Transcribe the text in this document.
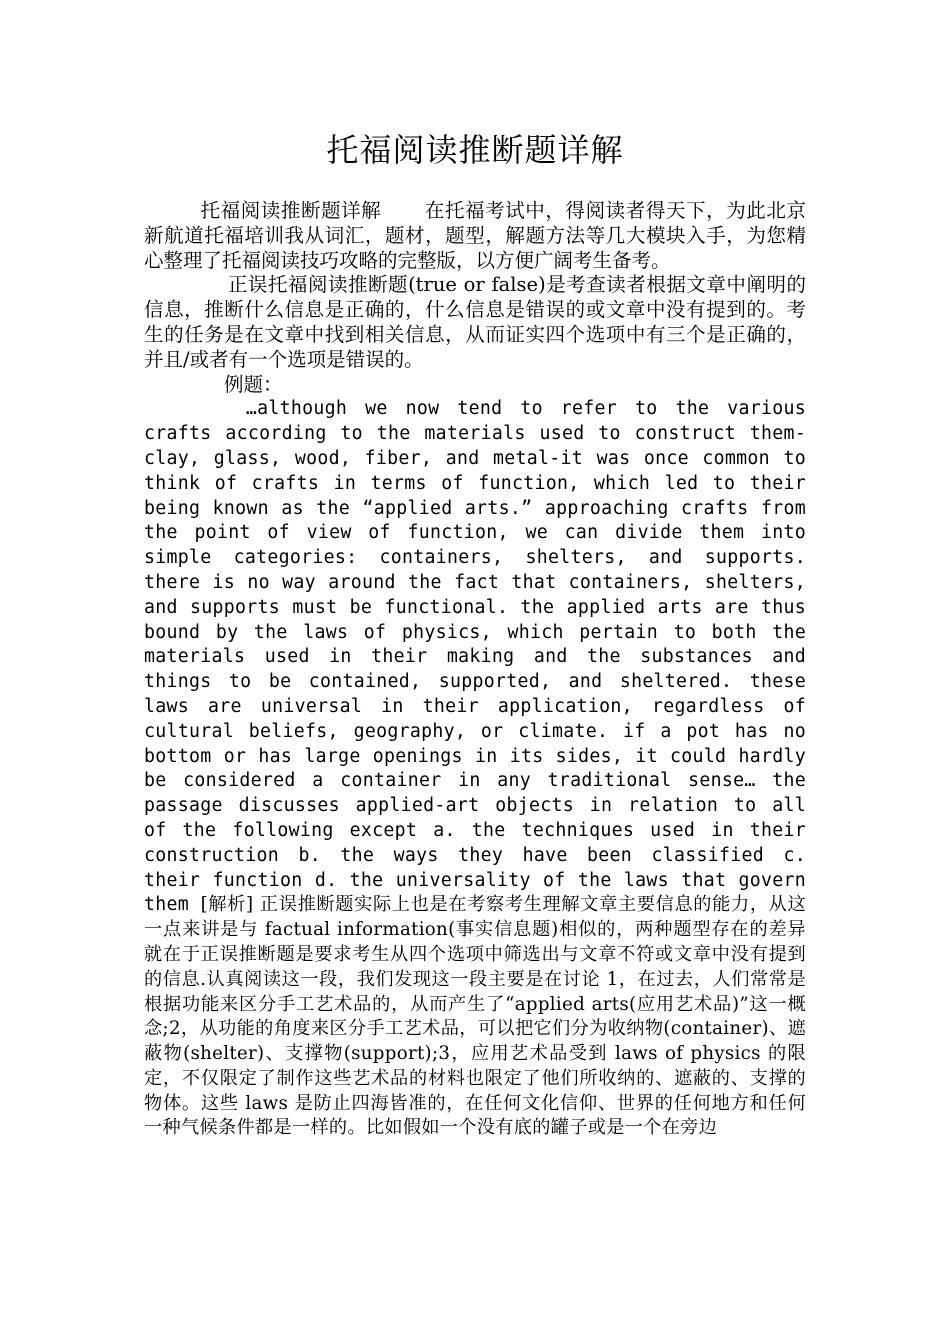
托福阅读推断题详解

托福阅读推断题详解 在托福考试中，得阅读者得天下，为此北京新航道托福培训我从词汇，题材，题型，解题方法等几大模块入手，为您精心整理了托福阅读技巧攻略的完整版，以方便广阔考生备考。

正误托福阅读推断题(true or false)是考查读者根据文章中阐明的信息，推断什么信息是正确的，什么信息是错误的或文章中没有提到的。考生的任务是在文章中找到相关信息，从而证实四个选项中有三个是正确的，并且/或者有一个选项是错误的。

例题：

…although we now tend to refer to the various crafts according to the materials used to construct them-clay, glass, wood, fiber, and metal-it was once common to think of crafts in terms of function, which led to their being known as the “applied arts.” approaching crafts from the point of view of function, we can divide them into simple categories: containers, shelters, and supports. there is no way around the fact that containers, shelters, and supports must be functional. the applied arts are thus bound by the laws of physics, which pertain to both the materials used in their making and the substances and things to be contained, supported, and sheltered. these laws are universal in their application, regardless of cultural beliefs, geography, or climate. if a pot has no bottom or has large openings in its sides, it could hardly be considered a container in any traditional sense… the passage discusses applied-art objects in relation to all of the following except a. the techniques used in their construction b. the ways they have been classified c. their function d. the universality of the laws that govern them [解析] 正误推断题实际上也是在考察考生理解文章主要信息的能力，从这一点来讲是与 factual information(事实信息题)相似的，两种题型存在的差异就在于正误推断题是要求考生从四个选项中筛选出与文章不符或文章中没有提到的信息.认真阅读这一段，我们发现这一段主要是在讨论 1，在过去，人们常常是根据功能来区分手工艺术品的，从而产生了“applied arts(应用艺术品)”这一概念;2，从功能的角度来区分手工艺术品，可以把它们分为收纳物(container)、遮蔽物(shelter)、支撑物(support);3，应用艺术品受到 laws of physics 的限定，不仅限定了制作这些艺术品的材料也限定了他们所收纳的、遮蔽的、支撑的物体。这些 laws 是防止四海皆准的，在任何文化信仰、世界的任何地方和任何一种气候条件都是一样的。比如假如一个没有底的罐子或是一个在旁边
